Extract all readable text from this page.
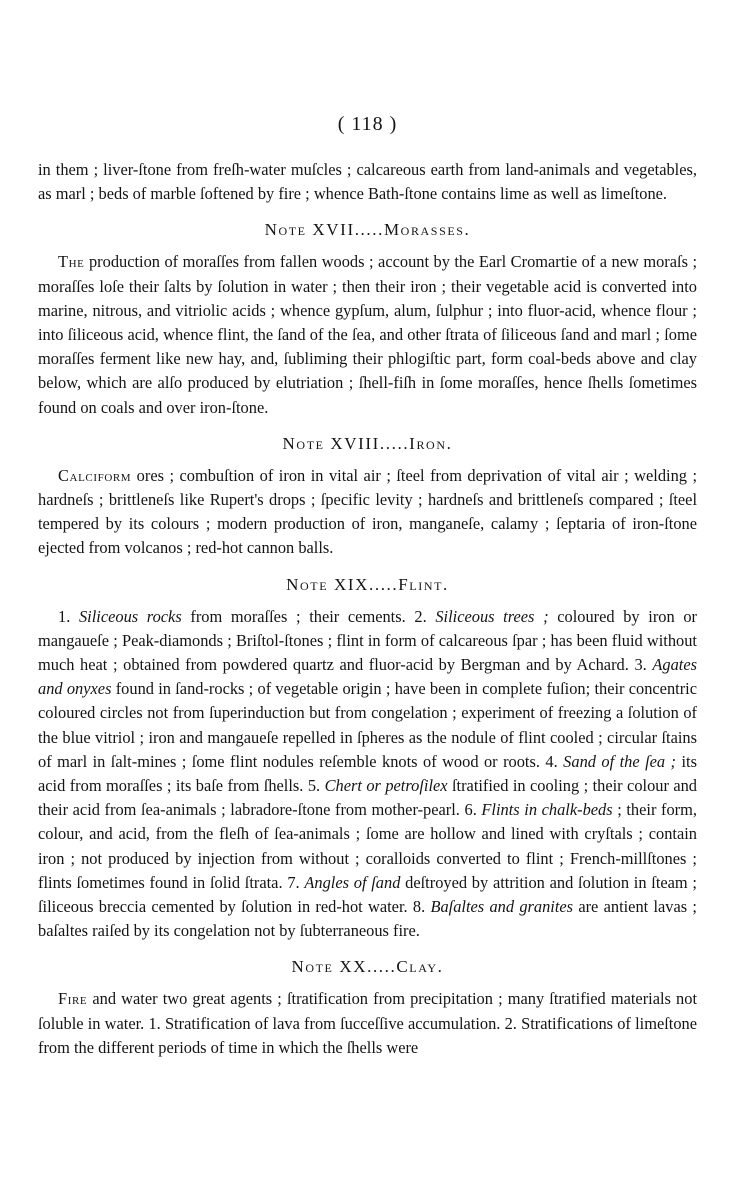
( 118 )

in them ; liver-ſtone from freſh-water muſcles ; calcareous earth from land-animals and vegetables, as marl ; beds of marble ſoftened by fire ; whence Bath-ſtone contains lime as well as limeſtone.

Note XVII.....Morasses.

The production of moraſſes from fallen woods ; account by the Earl Cromartie of a new moraſs ; moraſſes loſe their ſalts by ſolution in water ; then their iron ; their vegetable acid is converted into marine, nitrous, and vitriolic acids ; whence gypſum, alum, ſulphur ; into fluor-acid, whence flour ; into ſiliceous acid, whence flint, the ſand of the ſea, and other ſtrata of ſiliceous ſand and marl ; ſome moraſſes ferment like new hay, and, ſubliming their phlogiſtic part, form coal-beds above and clay below, which are alſo produced by elutriation ; ſhell-fiſh in ſome moraſſes, hence ſhells ſometimes found on coals and over iron-ſtone.

Note XVIII.....Iron.

Calciform ores ; combuſtion of iron in vital air ; ſteel from deprivation of vital air ; welding ; hardneſs ; brittleneſs like Rupert's drops ; ſpecific levity ; hardneſs and brittleneſs compared ; ſteel tempered by its colours ; modern production of iron, manganeſe, calamy ; ſeptaria of iron-ſtone ejected from volcanos ; red-hot cannon balls.

Note XIX.....Flint.

1. Siliceous rocks from moraſſes ; their cements. 2. Siliceous trees ; coloured by iron or mangaueſe ; Peak-diamonds ; Briſtol-ſtones ; flint in form of calcareous ſpar ; has been fluid without much heat ; obtained from powdered quartz and fluor-acid by Bergman and by Achard. 3. Agates and onyxes found in ſand-rocks ; of vegetable origin ; have been in complete fuſion; their concentric coloured circles not from ſuperinduction but from congelation ; experiment of freezing a ſolution of the blue vitriol ; iron and mangaueſe repelled in ſpheres as the nodule of flint cooled ; circular ſtains of marl in ſalt-mines ; ſome flint nodules reſemble knots of wood or roots. 4. Sand of the ſea ; its acid from moraſſes ; its baſe from ſhells. 5. Chert or petroſilex ſtratified in cooling ; their colour and their acid from ſea-animals ; labradore-ſtone from mother-pearl. 6. Flints in chalk-beds ; their form, colour, and acid, from the fleſh of ſea-animals ; ſome are hollow and lined with cryſtals ; contain iron ; not produced by injection from without ; coralloids converted to flint ; French-millſtones ; flints ſometimes found in ſolid ſtrata. 7. Angles of ſand deſtroyed by attrition and ſolution in ſteam ; ſiliceous breccia cemented by ſolution in red-hot water. 8. Baſaltes and granites are antient lavas ; baſaltes raiſed by its congelation not by ſubterraneous fire.

Note XX.....Clay.

Fire and water two great agents ; ſtratification from precipitation ; many ſtratified materials not ſoluble in water. 1. Stratification of lava from ſucceſſive accumulation. 2. Stratifications of limeſtone from the different periods of time in which the ſhells were
